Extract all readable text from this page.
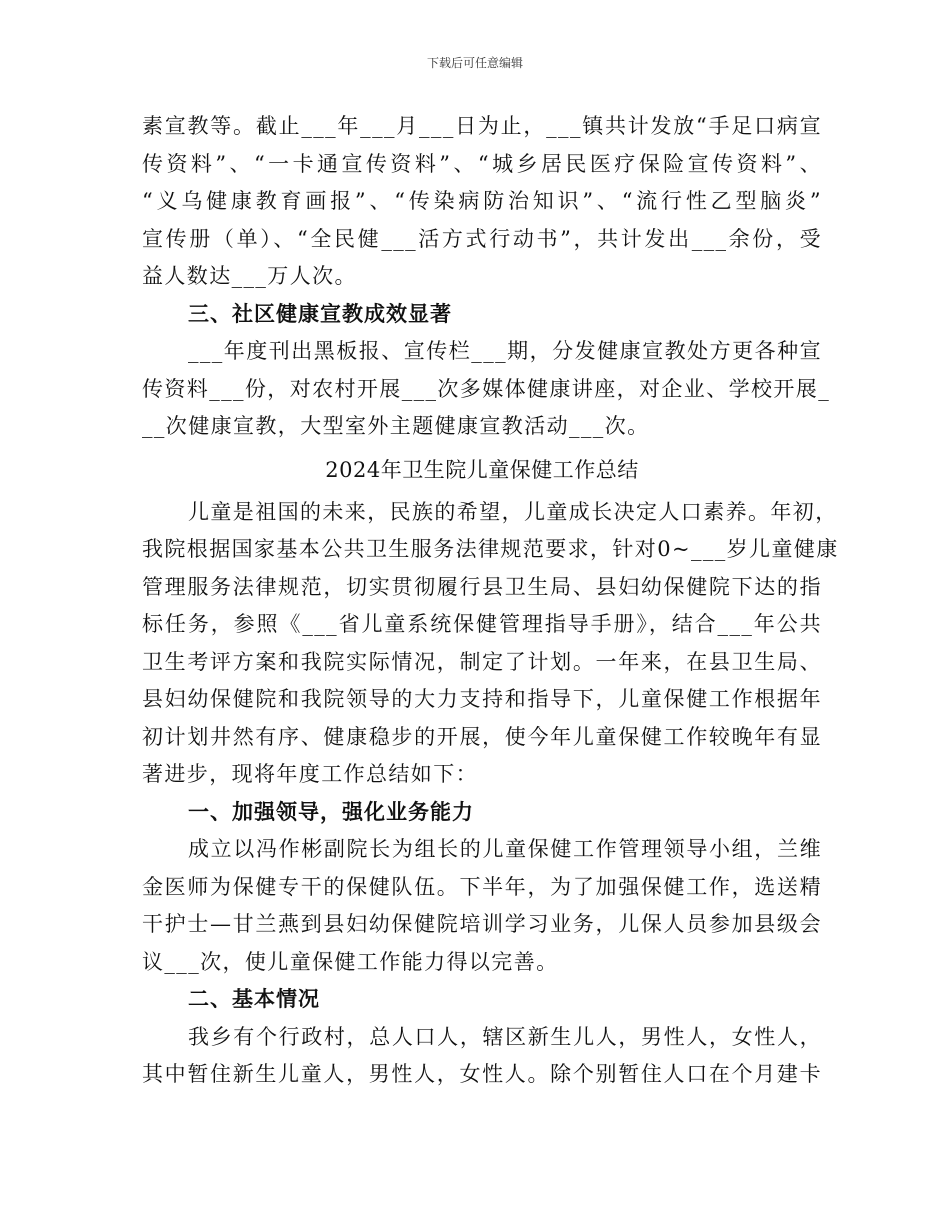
下载后可任意编辑
素宣教等。截止___年___月___日为止，___镇共计发放“手足口病宣
传资料”、“一卡通宣传资料”、“城乡居民医疗保险宣传资料”、
“义乌健康教育画报”、“传染病防治知识”、“流行性乙型脑炎”
宣传册（单）、“全民健___活方式行动书”，共计发出___余份，受
益人数达___万人次。
三、社区健康宣教成效显著
___年度刊出黑板报、宣传栏___期，分发健康宣教处方更各种宣
传资料___份，对农村开展___次多媒体健康讲座，对企业、学校开展_
__次健康宣教，大型室外主题健康宣教活动___次。
2024年卫生院儿童保健工作总结
儿童是祖国的未来，民族的希望，儿童成长决定人口素养。年初，
我院根据国家基本公共卫生服务法律规范要求，针对0~___岁儿童健康
管理服务法律规范，切实贯彻履行县卫生局、县妇幼保健院下达的指
标任务，参照《___省儿童系统保健管理指导手册》，结合___年公共
卫生考评方案和我院实际情况，制定了计划。一年来，在县卫生局、
县妇幼保健院和我院领导的大力支持和指导下，儿童保健工作根据年
初计划井然有序、健康稳步的开展，使今年儿童保健工作较晚年有显
著进步，现将年度工作总结如下：
一、加强领导，强化业务能力
成立以冯作彬副院长为组长的儿童保健工作管理领导小组，兰维
金医师为保健专干的保健队伍。下半年，为了加强保健工作，选送精
干护士—甘兰燕到县妇幼保健院培训学习业务，儿保人员参加县级会
议___次，使儿童保健工作能力得以完善。
二、基本情况
我乡有个行政村，总人口人，辖区新生儿人，男性人，女性人，
其中暂住新生儿童人，男性人，女性人。除个别暂住人口在个月建卡
